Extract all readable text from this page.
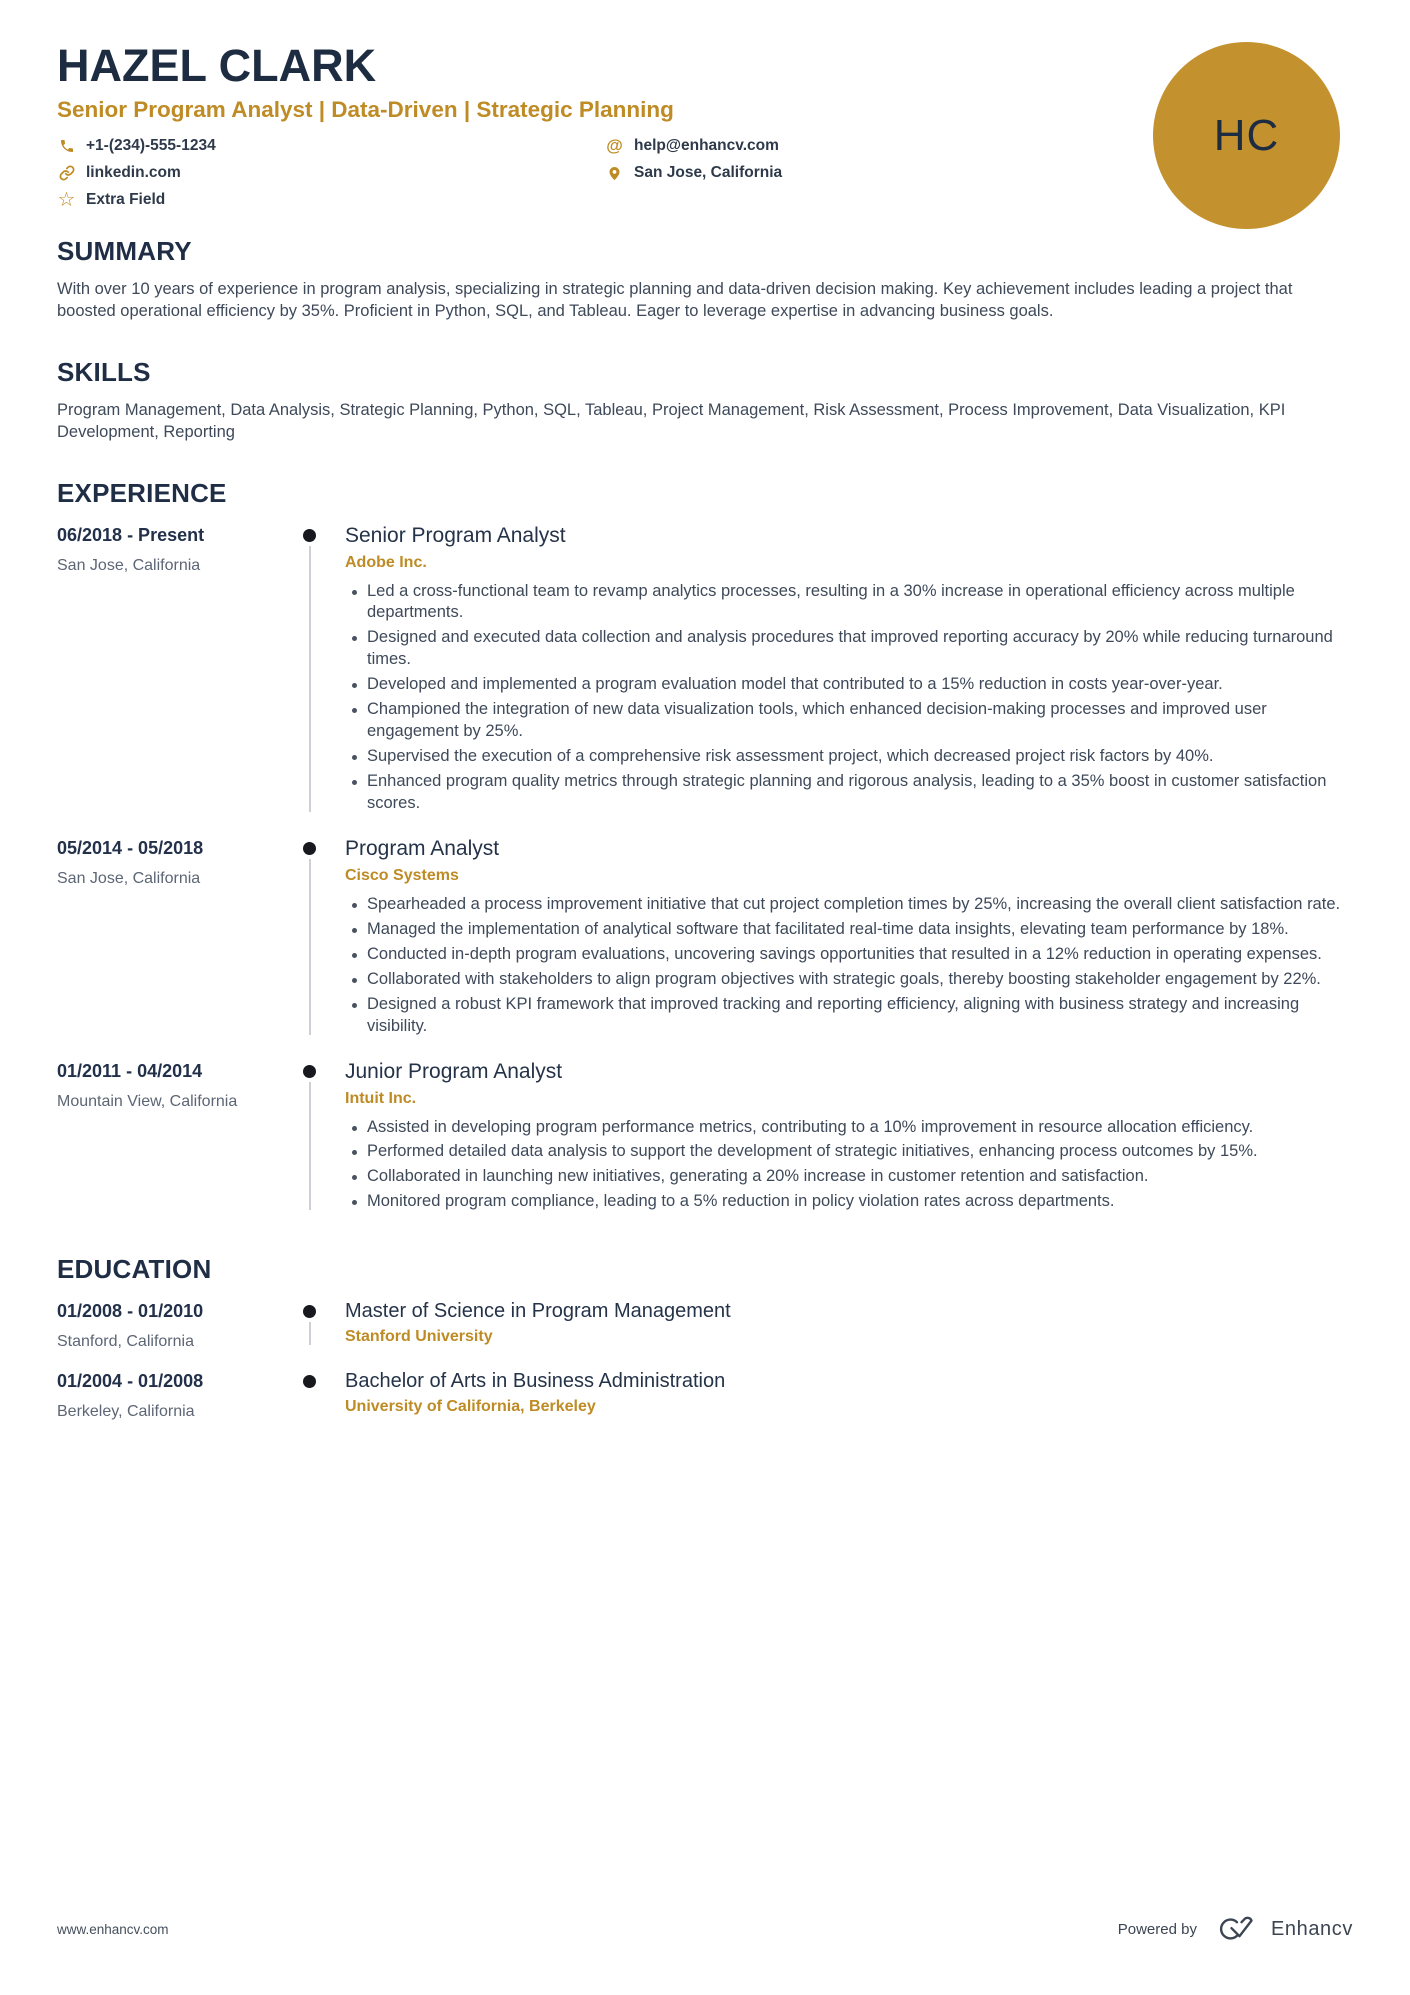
HAZEL CLARK
Senior Program Analyst | Data-Driven | Strategic Planning
+1-(234)-555-1234
linkedin.com
☆ Extra Field
@ help@enhancv.com
San Jose, California
HC
SUMMARY
With over 10 years of experience in program analysis, specializing in strategic planning and data-driven decision making. Key achievement includes leading a project that boosted operational efficiency by 35%. Proficient in Python, SQL, and Tableau. Eager to leverage expertise in advancing business goals.
SKILLS
Program Management, Data Analysis, Strategic Planning, Python, SQL, Tableau, Project Management, Risk Assessment, Process Improvement, Data Visualization, KPI Development, Reporting
EXPERIENCE
06/2018 - Present
San Jose, California
Senior Program Analyst
Adobe Inc.
Led a cross-functional team to revamp analytics processes, resulting in a 30% increase in operational efficiency across multiple departments.
Designed and executed data collection and analysis procedures that improved reporting accuracy by 20% while reducing turnaround times.
Developed and implemented a program evaluation model that contributed to a 15% reduction in costs year-over-year.
Championed the integration of new data visualization tools, which enhanced decision-making processes and improved user engagement by 25%.
Supervised the execution of a comprehensive risk assessment project, which decreased project risk factors by 40%.
Enhanced program quality metrics through strategic planning and rigorous analysis, leading to a 35% boost in customer satisfaction scores.
05/2014 - 05/2018
San Jose, California
Program Analyst
Cisco Systems
Spearheaded a process improvement initiative that cut project completion times by 25%, increasing the overall client satisfaction rate.
Managed the implementation of analytical software that facilitated real-time data insights, elevating team performance by 18%.
Conducted in-depth program evaluations, uncovering savings opportunities that resulted in a 12% reduction in operating expenses.
Collaborated with stakeholders to align program objectives with strategic goals, thereby boosting stakeholder engagement by 22%.
Designed a robust KPI framework that improved tracking and reporting efficiency, aligning with business strategy and increasing visibility.
01/2011 - 04/2014
Mountain View, California
Junior Program Analyst
Intuit Inc.
Assisted in developing program performance metrics, contributing to a 10% improvement in resource allocation efficiency.
Performed detailed data analysis to support the development of strategic initiatives, enhancing process outcomes by 15%.
Collaborated in launching new initiatives, generating a 20% increase in customer retention and satisfaction.
Monitored program compliance, leading to a 5% reduction in policy violation rates across departments.
EDUCATION
01/2008 - 01/2010
Stanford, California
Master of Science in Program Management
Stanford University
01/2004 - 01/2008
Berkeley, California
Bachelor of Arts in Business Administration
University of California, Berkeley
www.enhancv.com	Powered by	Enhancv
